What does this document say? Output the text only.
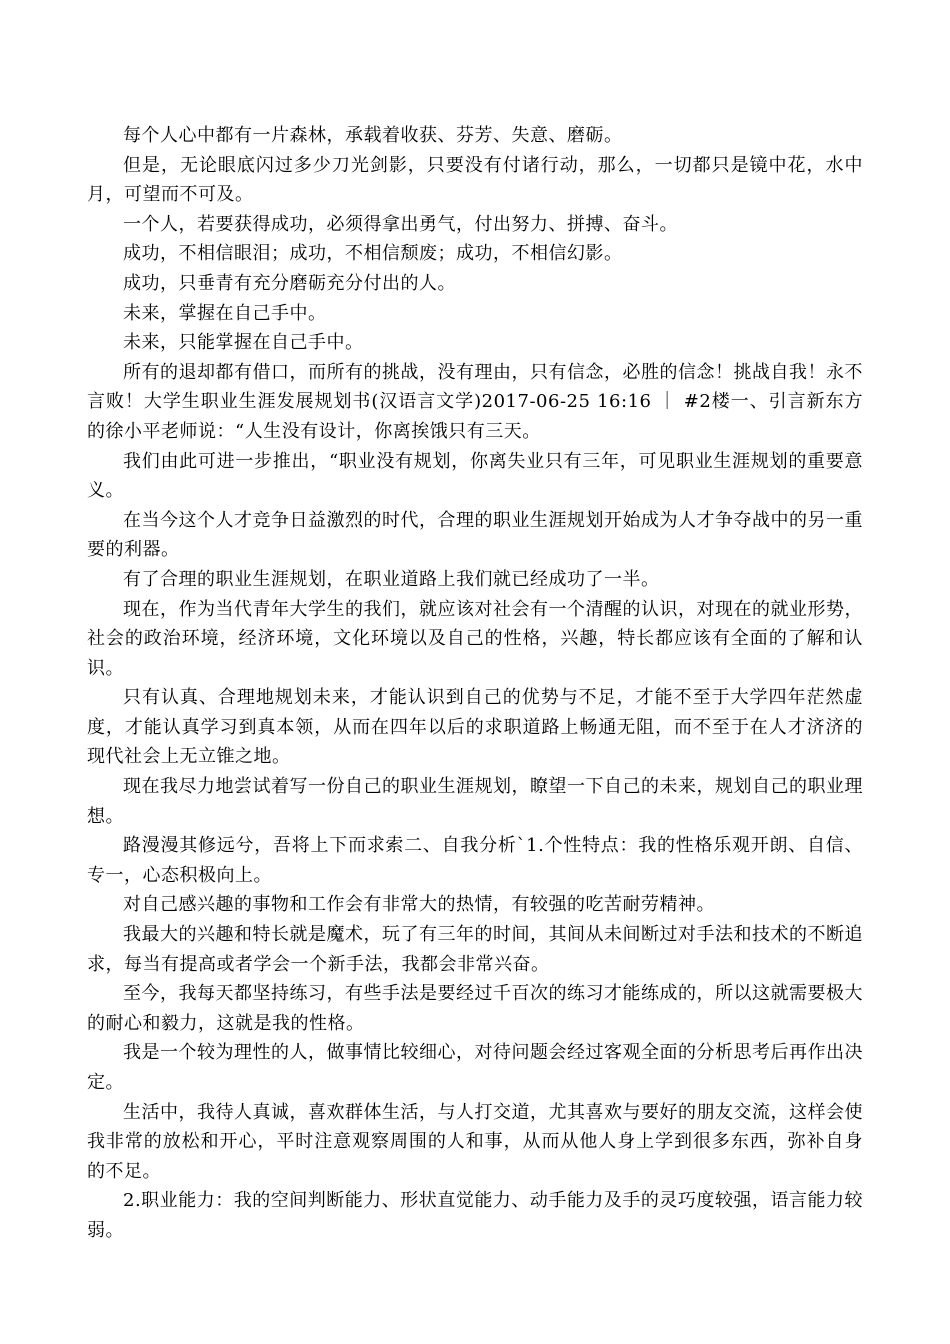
每个人心中都有一片森林，承载着收获、芬芳、失意、磨砺。

但是，无论眼底闪过多少刀光剑影，只要没有付诸行动，那么，一切都只是镜中花，水中月，可望而不可及。

一个人，若要获得成功，必须得拿出勇气，付出努力、拼搏、奋斗。

成功，不相信眼泪；成功，不相信颓废；成功，不相信幻影。

成功，只垂青有充分磨砺充分付出的人。

未来，掌握在自己手中。

未来，只能掌握在自己手中。

所有的退却都有借口，而所有的挑战，没有理由，只有信念，必胜的信念！挑战自我！永不言败！大学生职业生涯发展规划书(汉语言文学)2017-06-25 16:16 ｜ #2楼一、引言新东方的徐小平老师说：“人生没有设计，你离挨饿只有三天。

我们由此可进一步推出，“职业没有规划，你离失业只有三年，可见职业生涯规划的重要意义。

在当今这个人才竞争日益激烈的时代，合理的职业生涯规划开始成为人才争夺战中的另一重要的利器。

有了合理的职业生涯规划，在职业道路上我们就已经成功了一半。

现在，作为当代青年大学生的我们，就应该对社会有一个清醒的认识，对现在的就业形势，社会的政治环境，经济环境，文化环境以及自己的性格，兴趣，特长都应该有全面的了解和认识。

只有认真、合理地规划未来，才能认识到自己的优势与不足，才能不至于大学四年茫然虚度，才能认真学习到真本领，从而在四年以后的求职道路上畅通无阻，而不至于在人才济济的现代社会上无立锥之地。

现在我尽力地尝试着写一份自己的职业生涯规划，瞭望一下自己的未来，规划自己的职业理想。

路漫漫其修远兮，吾将上下而求索二、自我分析`1.个性特点：我的性格乐观开朗、自信、专一，心态积极向上。

对自己感兴趣的事物和工作会有非常大的热情，有较强的吃苦耐劳精神。

我最大的兴趣和特长就是魔术，玩了有三年的时间，其间从未间断过对手法和技术的不断追求，每当有提高或者学会一个新手法，我都会非常兴奋。

至今，我每天都坚持练习，有些手法是要经过千百次的练习才能练成的，所以这就需要极大的耐心和毅力，这就是我的性格。

我是一个较为理性的人，做事情比较细心，对待问题会经过客观全面的分析思考后再作出决定。

生活中，我待人真诚，喜欢群体生活，与人打交道，尤其喜欢与要好的朋友交流，这样会使我非常的放松和开心，平时注意观察周围的人和事，从而从他人身上学到很多东西，弥补自身的不足。

2.职业能力：我的空间判断能力、形状直觉能力、动手能力及手的灵巧度较强，语言能力较弱。
